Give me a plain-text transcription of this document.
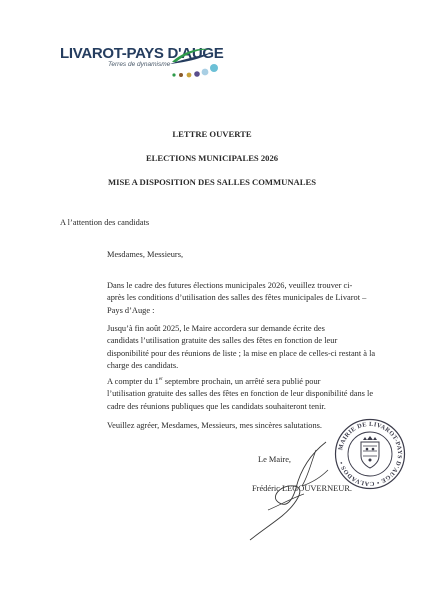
LIVAROT-PAYS D'AUGE
Terres de dynamisme
LETTRE OUVERTE
ELECTIONS MUNICIPALES 2026
MISE A DISPOSITION DES SALLES COMMUNALES
A l’attention des candidats
Mesdames, Messieurs,
Dans le cadre des futures élections municipales 2026, veuillez trouver ci-
après les conditions d’utilisation des salles des fêtes municipales de Livarot –
Pays d’Auge :
Jusqu’à fin août 2025, le Maire accordera sur demande écrite des
candidats l’utilisation gratuite des salles des fêtes en fonction de leur
disponibilité pour des réunions de liste ; la mise en place de celles-ci restant à la
charge des candidats.
A compter du 1er septembre prochain, un arrêté sera publié pour
l’utilisation gratuite des salles des fêtes en fonction de leur disponibilité dans le
cadre des réunions publiques que les candidats souhaiteront tenir.
Veuillez agréer, Mesdames, Messieurs, mes sincères salutations.
Le Maire,
Frédéric LEGOUVERNEUR.
MAIRIE DE LIVAROT-PAYS D'AUGE • CALVADOS •
